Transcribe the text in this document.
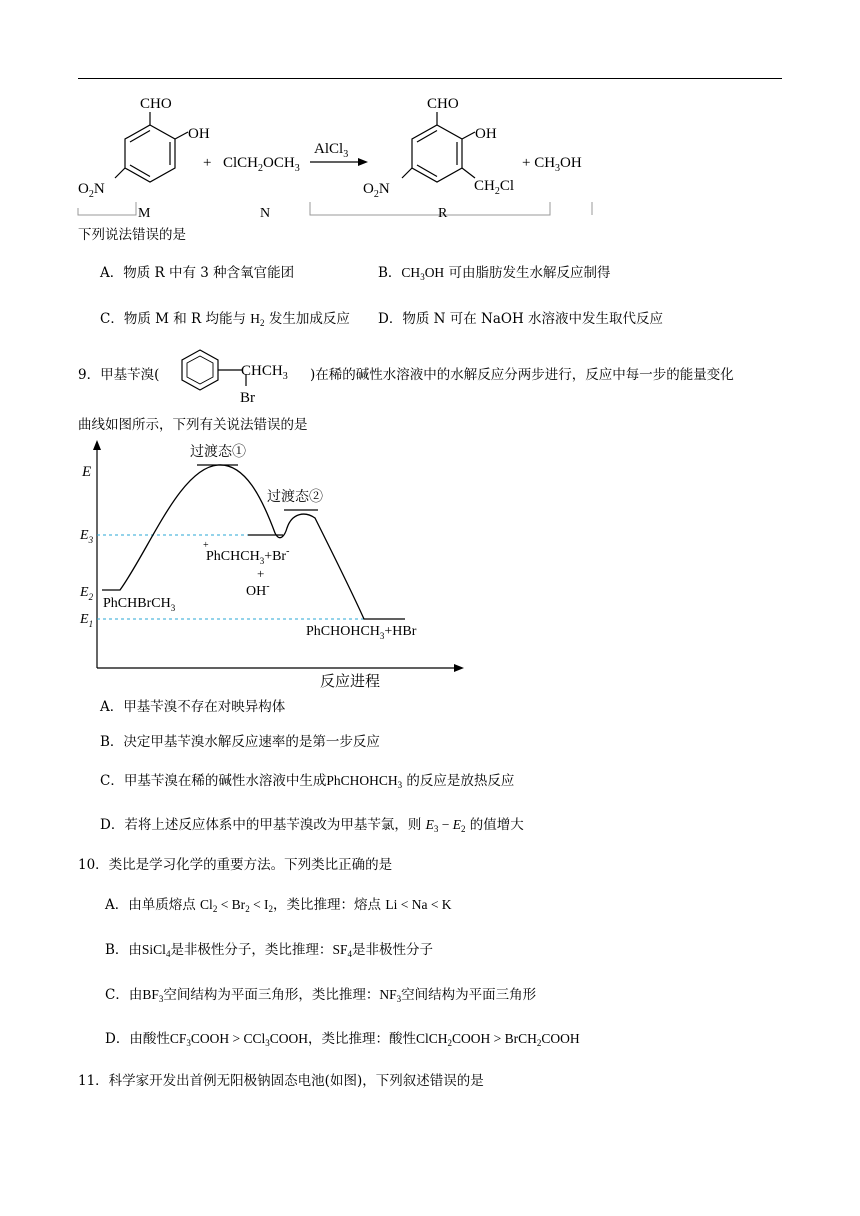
CHO
OH
$O_2N$
+ $ClCH_2OCH_3$
AlCl$_3$
CHO
OH
$O_2N$	$CH_2Cl$
+ $CH_3OH$
M	N	R
下列说法错误的是
A．物质 R 中有 3 种含氧官能团	B．$CH_3OH$ 可由脂肪发生水解反应制得
C．物质 M 和 R 均能与 $H_2$ 发生加成反应 D．物质 N 可在 NaOH 水溶液中发生取代反应
9．甲基苄溴(	$CHCH_3$
Br
)在稀的碱性水溶液中的水解反应分两步进行，反应中每一步的能量变化
曲线如图所示，下列有关说法错误的是
E
反应进程
$E_3$
$E_2$
$E_1$
过渡态①
过渡态②
+
PhCHCH$_3$+Br-
+
OH-
PhCHBrCH$_3$
PhCHOHCH$_3$+HBr
A．甲基苄溴不存在对映异构体
B．决定甲基苄溴水解反应速率的是第一步反应
C．甲基苄溴在稀的碱性水溶液中生成PhCHOHCH$_3$ 的反应是放热反应
D．若将上述反应体系中的甲基苄溴改为甲基苄氯，则 $E_3 - E_2$ 的值增大
10．类比是学习化学的重要方法。下列类比正确的是
A．由单质熔点 $Cl_2 < Br_2 < I_2$，类比推理：熔点 Li < Na < K
B．由SiCl$_4$是非极性分子，类比推理：$SF_4$是非极性分子
C．由$BF_3$空间结构为平面三角形，类比推理：$NF_3$空间结构为平面三角形
D．由酸性$CF_3COOH$ > CCl$_3$COOH，类比推理：酸性ClCH$_2$COOH > BrCH$_2$COOH
11．科学家开发出首例无阳极钠固态电池(如图)，下列叙述错误的是
